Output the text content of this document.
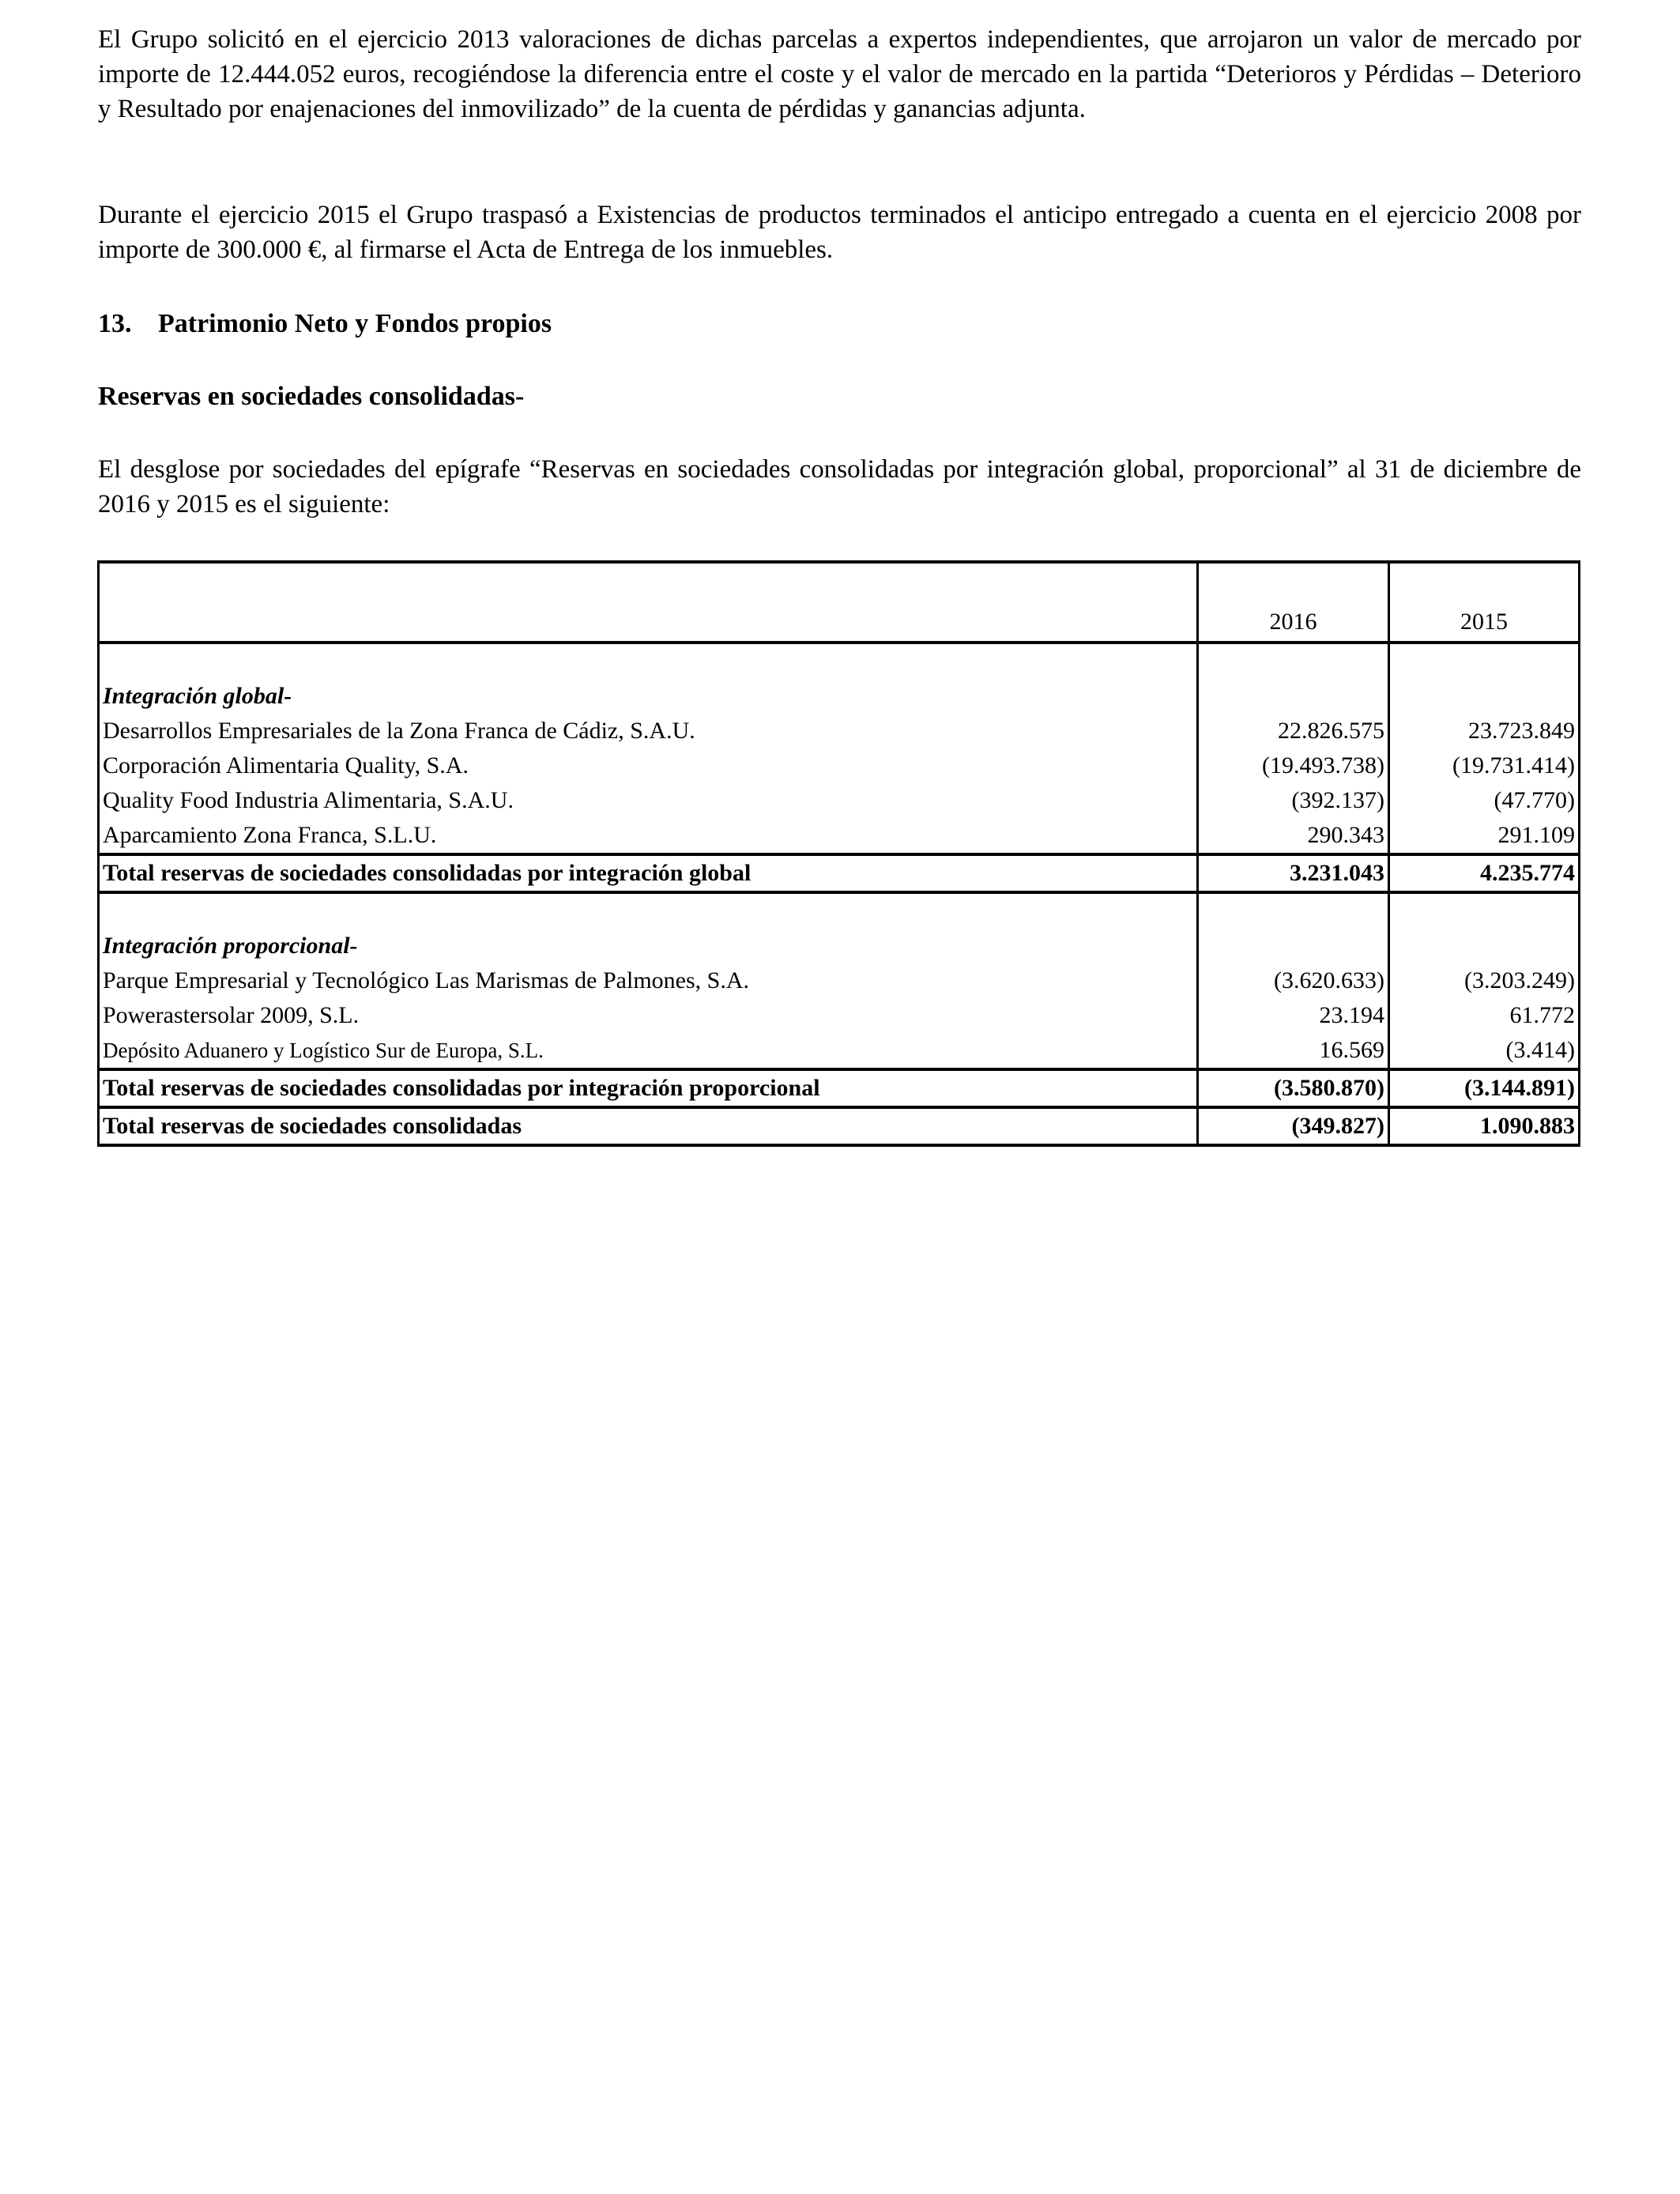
El Grupo solicitó en el ejercicio 2013 valoraciones de dichas parcelas a expertos independientes, que arrojaron un valor de mercado por importe de 12.444.052 euros, recogiéndose la diferencia entre el coste y el valor de mercado en la partida “Deterioros y Pérdidas – Deterioro y Resultado por enajenaciones del inmovilizado” de la cuenta de pérdidas y ganancias adjunta.

Durante el ejercicio 2015 el Grupo traspasó a Existencias de productos terminados el anticipo entregado a cuenta en el ejercicio 2008 por importe de 300.000 €, al firmarse el Acta de Entrega de los inmuebles.

13. Patrimonio Neto y Fondos propios
Reservas en sociedades consolidadas-

El desglose por sociedades del epígrafe “Reservas en sociedades consolidadas por integración global, proporcional” al 31 de diciembre de 2016 y 2015 es el siguiente:

	2016	2015

Integración global-		
Desarrollos Empresariales de la Zona Franca de Cádiz, S.A.U.	22.826.575	23.723.849
Corporación Alimentaria Quality, S.A.	(19.493.738)	(19.731.414)
Quality Food Industria Alimentaria, S.A.U.	(392.137)	(47.770)
Aparcamiento Zona Franca, S.L.U.	290.343	291.109
Total reservas de sociedades consolidadas por integración global	3.231.043	4.235.774

Integración proporcional-		
Parque Empresarial y Tecnológico Las Marismas de Palmones, S.A.	(3.620.633)	(3.203.249)
Powerastersolar 2009, S.L.	23.194	61.772
Depósito Aduanero y Logístico Sur de Europa, S.L.	16.569	(3.414)
Total reservas de sociedades consolidadas por integración proporcional	(3.580.870)	(3.144.891)
Total reservas de sociedades consolidadas	(349.827)	1.090.883
